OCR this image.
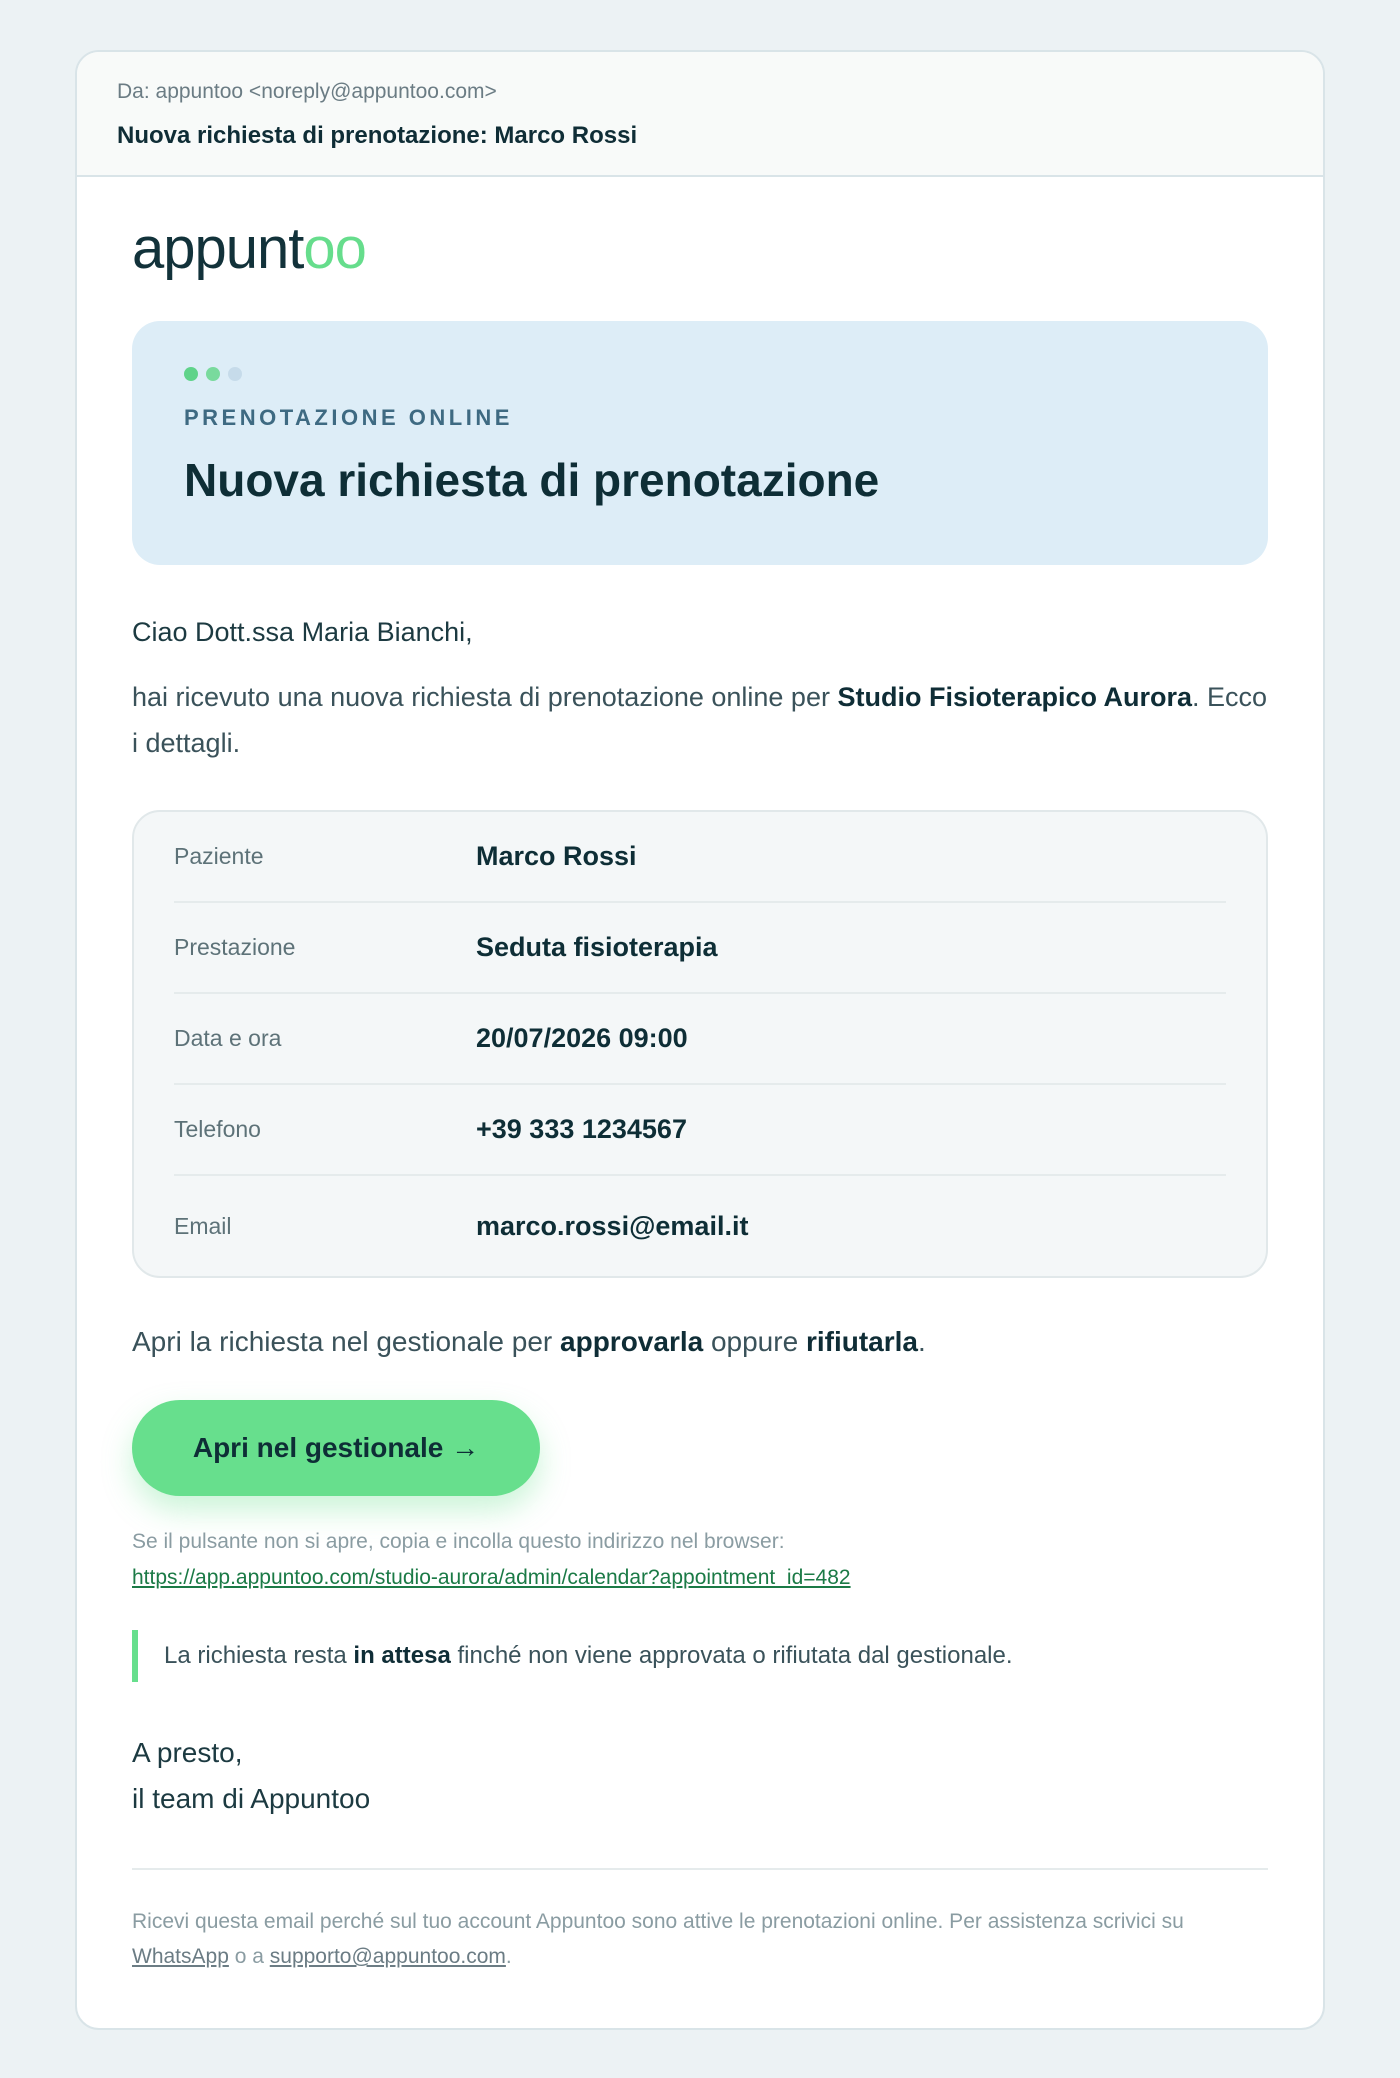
Da: appuntoo <noreply@appuntoo.com>
Nuova richiesta di prenotazione: Marco Rossi
appunt oo
PRENOTAZIONE ONLINE
Nuova richiesta di prenotazione
Ciao Dott.ssa Maria Bianchi,
hai ricevuto una nuova richiesta di prenotazione online per Studio Fisioterapico Aurora. Ecco i dettagli.
Paziente	Marco Rossi
Prestazione	Seduta fisioterapia
Data e ora	20/07/2026 09:00
Telefono	+39 333 1234567
Email	marco.rossi@email.it
Apri la richiesta nel gestionale per approvarla oppure rifiutarla.
Apri nel gestionale →
Se il pulsante non si apre, copia e incolla questo indirizzo nel browser:
https://app.appuntoo.com/studio-aurora/admin/calendar?appointment_id=482
La richiesta resta in attesa finché non viene approvata o rifiutata dal gestionale.
A presto,
il team di Appuntoo
Ricevi questa email perché sul tuo account Appuntoo sono attive le prenotazioni online. Per assistenza scrivici su WhatsApp o a supporto@appuntoo.com.
